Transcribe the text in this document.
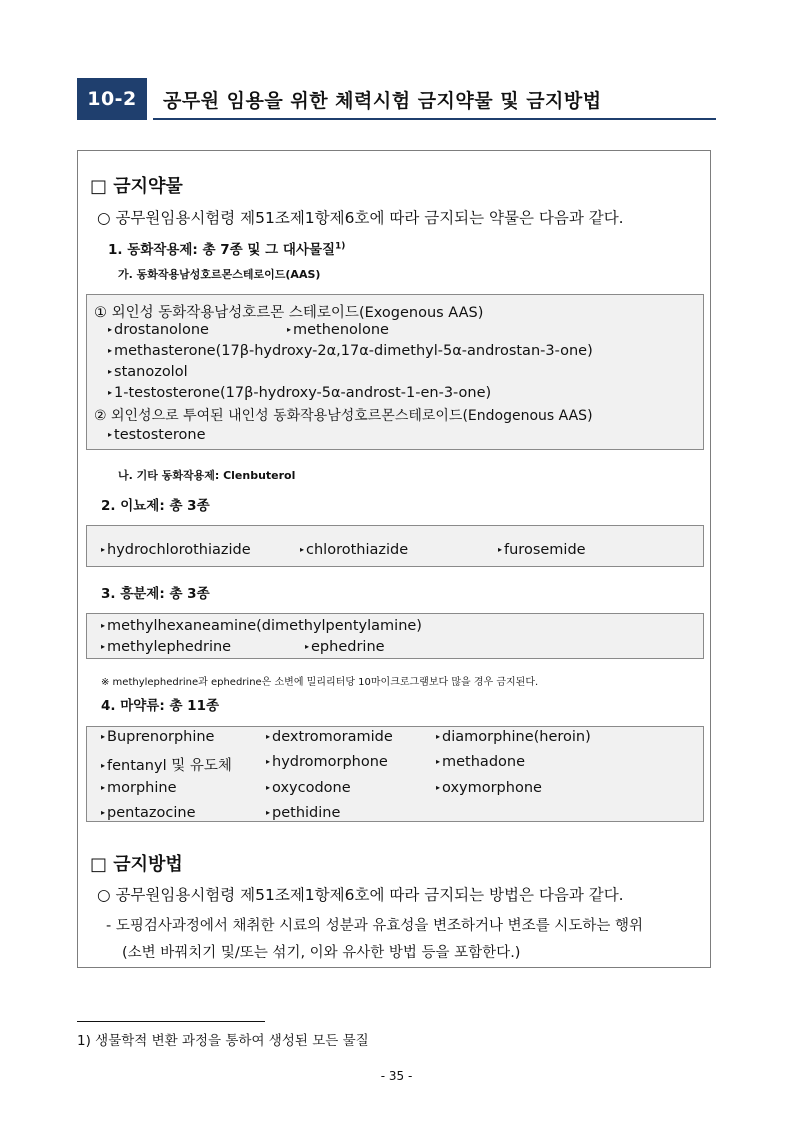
10-2	공무원 임용을 위한 체력시험 금지약물 및 금지방법
□ 금지약물
○ 공무원임용시험령 제51조제1항제6호에 따라 금지되는 약물은 다음과 같다.
1. 동화작용제: 총 7종 및 그 대사물질$^{1)}$
가. 동화작용남성호르몬스테로이드(AAS)
① 외인성 동화작용남성호르몬 스테로이드(Exogenous AAS)
▸ drostanolone	▸ methenolone
▸ methasterone(17β-hydroxy-2α,17α-dimethyl-5α-androstan-3-one)
▸ stanozolol
▸ 1-testosterone(17β-hydroxy-5α-androst-1-en-3-one)
② 외인성으로 투여된 내인성 동화작용남성호르몬스테로이드(Endogenous AAS)
▸ testosterone
나. 기타 동화작용제: Clenbuterol
2. 이뇨제: 총 3종
▸ hydrochlorothiazide	▸ chlorothiazide	▸ furosemide
3. 흥분제: 총 3종
▸ methylhexaneamine(dimethylpentylamine)
▸ methylephedrine	▸ ephedrine
※ methylephedrine과 ephedrine은 소변에 밀리리터당 10마이크로그램보다 많을 경우 금지된다.
4. 마약류: 총 11종
▸ Buprenorphine	▸ dextromoramide	▸ diamorphine(heroin)
▸ fentanyl 및 유도체	▸ hydromorphone	▸ methadone
▸ morphine	▸ oxycodone	▸ oxymorphone
▸ pentazocine	▸ pethidine
□ 금지방법
○ 공무원임용시험령 제51조제1항제6호에 따라 금지되는 방법은 다음과 같다.
- 도핑검사과정에서 채취한 시료의 성분과 유효성을 변조하거나 변조를 시도하는 행위
(소변 바꿔치기 및/또는 섞기, 이와 유사한 방법 등을 포함한다.)
1) 생물학적 변환 과정을 통하여 생성된 모든 물질
- 35 -
